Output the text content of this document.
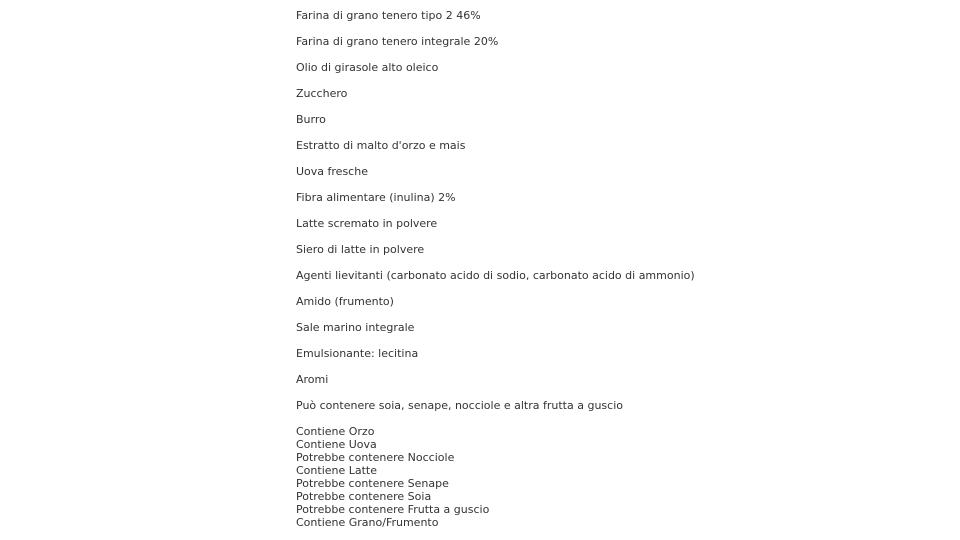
Farina di grano tenero tipo 2 46%
Farina di grano tenero integrale 20%
Olio di girasole alto oleico
Zucchero
Burro
Estratto di malto d'orzo e mais
Uova fresche
Fibra alimentare (inulina) 2%
Latte scremato in polvere
Siero di latte in polvere
Agenti lievitanti (carbonato acido di sodio, carbonato acido di ammonio)
Amido (frumento)
Sale marino integrale
Emulsionante: lecitina
Aromi
Può contenere soia, senape, nocciole e altra frutta a guscio
Contiene Orzo
Contiene Uova
Potrebbe contenere Nocciole
Contiene Latte
Potrebbe contenere Senape
Potrebbe contenere Soia
Potrebbe contenere Frutta a guscio
Contiene Grano/Frumento
